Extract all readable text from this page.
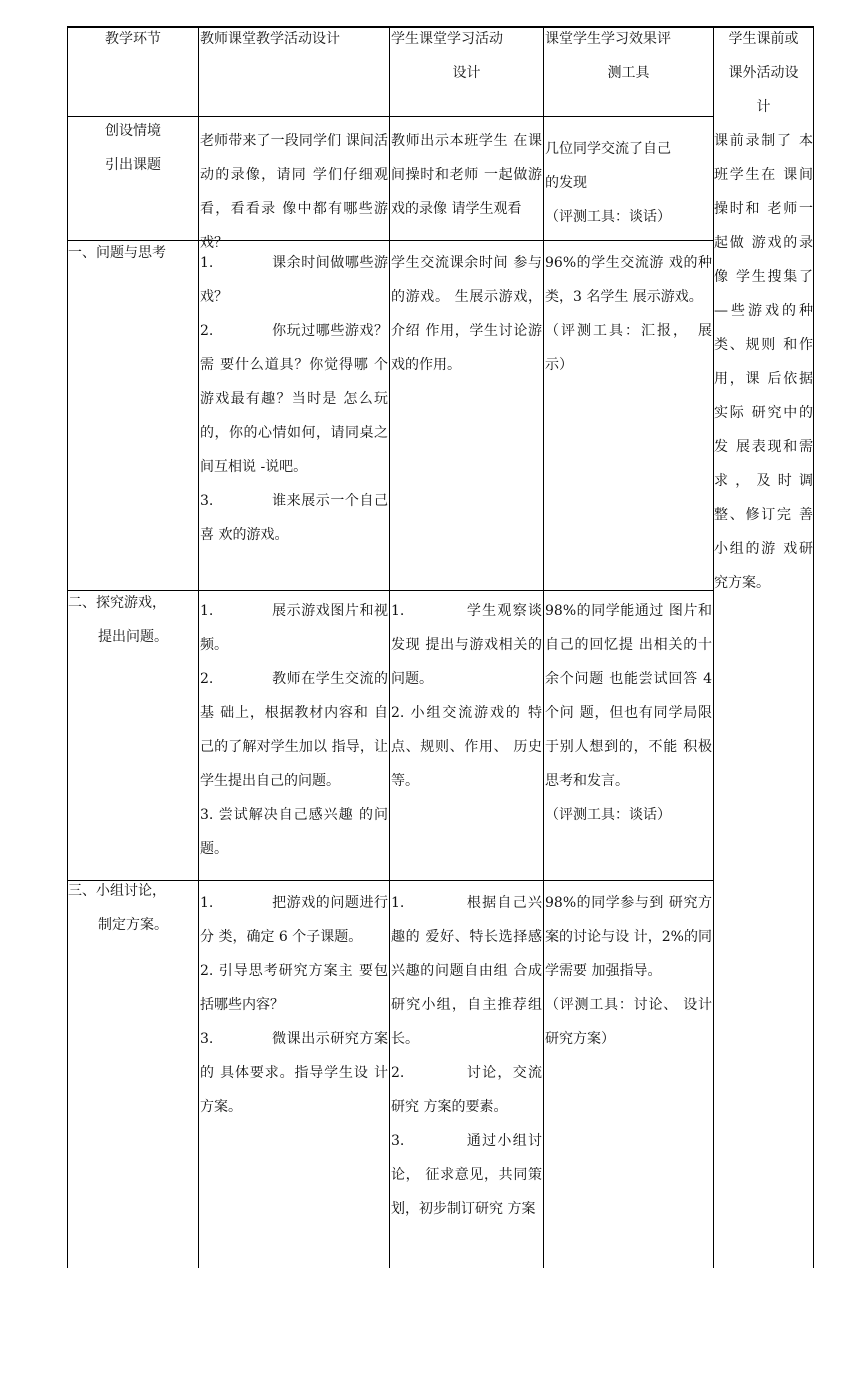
教学环节	教师课堂教学活动设计	学生课堂学习活动
设计
课堂学生学习效果评
测工具
学生课前或
课外活动设
计
创设情境
引出课题
老师带来了一段同学们 课间活动的录像，请同 学们仔细观看，看看录 像中都有哪些游戏？
教师出示本班学生 在课间操时和老师 一起做游戏的录像 请学生观看
几位同学交流了自己
的发现
（评测工具：谈话）
课前录制了 本班学生在 课间操时和 老师一起做 游戏的录像 学生搜集了 —些游戏的种类、规则 和作用，课 后依据实际 研究中的发 展表现和需 求，及时调 整、修订完 善小组的游 戏研究方案。
一、问题与思考
1.　　　　课余时间做哪些游戏？
2.　　　　你玩过哪些游戏？需 要什么道具？你觉得哪 个游戏最有趣？当时是 怎么玩的，你的心情如何，请同桌之间互相说 -说吧。
3.　　　　谁来展示一个自己喜 欢的游戏。
学生交流课余时间 参与的游戏。 生展示游戏，介绍 作用，学生讨论游 戏的作用。
96%的学生交流游 戏的种类，3 名学生 展示游戏。
（评测工具：汇报，　展示）
二、探究游戏，
提出问题。
1.　　　　展示游戏图片和视频。
2.　　　　教师在学生交流的基 础上，根据教材内容和 自己的了解对学生加以 指导，让学生提出自己的问题。
3. 尝试解决自己感兴趣 的问题。
1.　　　　学生观察谈发现 提出与游戏相关的 问题。
2. 小组交流游戏的 特点、规则、作用、 历史等。
98%的同学能通过 图片和自己的回忆提 出相关的十余个问题 也能尝试回答 4 个问 题，但也有同学局限 于别人想到的，不能 积极思考和发言。
（评测工具：谈话）
三、小组讨论，
制定方案。
1.　　　　把游戏的问题进行分 类，确定 6 个子课题。
2. 引导思考研究方案主 要包括哪些内容？
3.　　　　微课出示研究方案的 具体要求。指导学生设 计方案。
1.　　　　根据自己兴趣的 爱好、特长选择感 兴趣的问题自由组 合成研究小组，自主推荐组长。
2.　　　　讨论，交流研究 方案的要素。
3.　　　　通过小组讨论， 征求意见，共同策 划，初步制订研究 方案
98%的同学参与到 研究方案的讨论与设 计，2%的同学需要 加强指导。
（评测工具：讨论、 设计研究方案）
